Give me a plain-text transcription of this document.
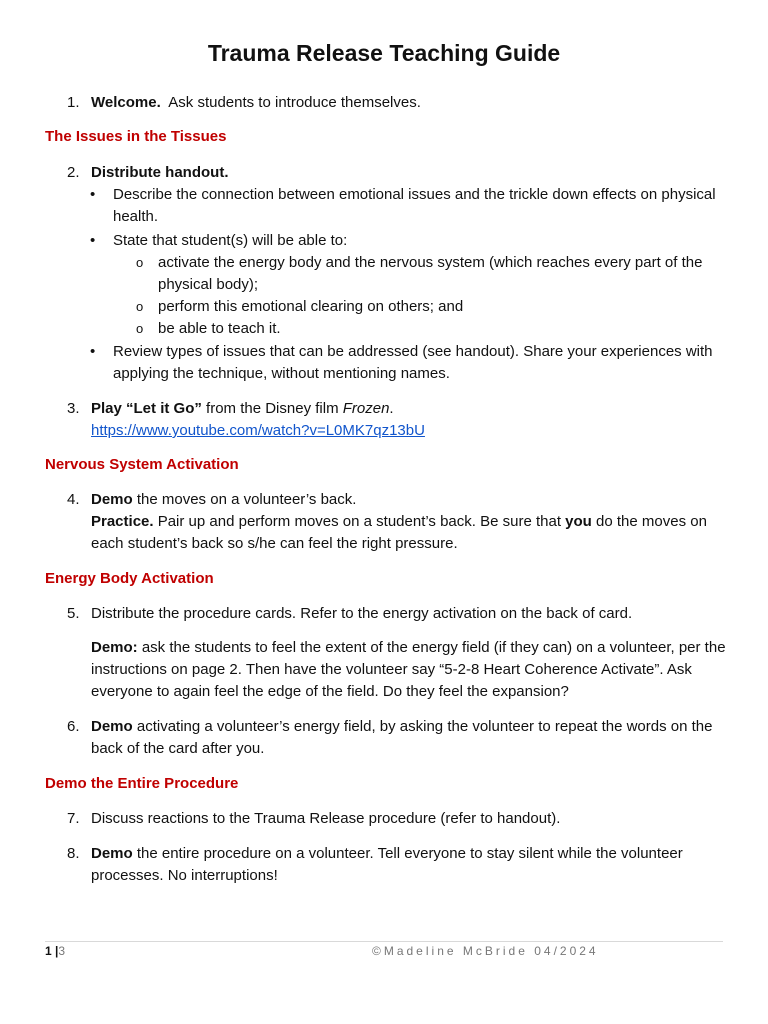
Trauma Release Teaching Guide
1. Welcome. Ask students to introduce themselves.
The Issues in the Tissues
2. Distribute handout.
• Describe the connection between emotional issues and the trickle down effects on physical health.
• State that student(s) will be able to:
o activate the energy body and the nervous system (which reaches every part of the physical body);
o perform this emotional clearing on others; and
o be able to teach it.
• Review types of issues that can be addressed (see handout). Share your experiences with applying the technique, without mentioning names.
3. Play “Let it Go” from the Disney film Frozen.
https://www.youtube.com/watch?v=L0MK7qz13bU
Nervous System Activation
4. Demo the moves on a volunteer’s back.
Practice. Pair up and perform moves on a student’s back. Be sure that you do the moves on each student’s back so s/he can feel the right pressure.
Energy Body Activation
5. Distribute the procedure cards. Refer to the energy activation on the back of card.
Demo: ask the students to feel the extent of the energy field (if they can) on a volunteer, per the instructions on page 2. Then have the volunteer say “5-2-8 Heart Coherence Activate”. Ask everyone to again feel the edge of the field. Do they feel the expansion?
6. Demo activating a volunteer’s energy field, by asking the volunteer to repeat the words on the back of the card after you.
Demo the Entire Procedure
7. Discuss reactions to the Trauma Release procedure (refer to handout).
8. Demo the entire procedure on a volunteer. Tell everyone to stay silent while the volunteer processes. No interruptions!
1 |3	©Madeline McBride 04/2024
